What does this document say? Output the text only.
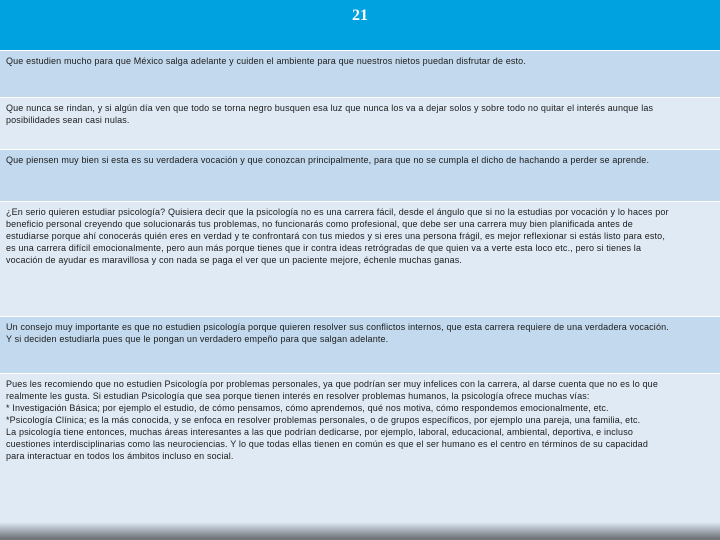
21
Que estudien mucho para que México salga adelante y cuiden el ambiente para que nuestros nietos puedan disfrutar de esto.
Que nunca se rindan, y si algún día ven que todo se torna negro busquen esa luz que nunca los va a dejar solos y sobre todo no quitar el interés aunque las
posibilidades sean casi nulas.
Que piensen muy bien si esta es su verdadera vocación y que conozcan principalmente, para que no se cumpla el dicho de hachando a perder se aprende.
¿En serio quieren estudiar psicología? Quisiera decir que la psicología no es una carrera fácil, desde el ángulo que si no la estudias por vocación y lo haces por
beneficio personal creyendo que solucionarás tus problemas, no funcionarás como profesional, que debe ser una carrera muy bien planificada antes de
estudiarse porque ahí conocerás quién eres en verdad y te confrontará con tus miedos y si eres una persona frágil, es mejor reflexionar si estás listo para esto,
es una carrera difícil emocionalmente, pero aun más porque tienes que ir contra ideas retrógradas de que quien va a verte esta loco etc., pero si tienes la
vocación de ayudar es maravillosa y con nada se paga el ver que un paciente mejore, échenle muchas ganas.
Un consejo muy importante es que no estudien psicología porque quieren resolver sus conflictos internos, que esta carrera requiere de una verdadera vocación.
Y si deciden estudiarla pues que le pongan un verdadero empeño para que salgan adelante.
Pues les recomiendo que no estudien Psicología por problemas personales, ya que podrían ser muy infelices con la carrera, al darse cuenta que no es lo que
realmente les gusta. Si estudian Psicología que sea porque tienen interés en resolver problemas humanos, la psicología ofrece muchas vías:
* Investigación Básica; por ejemplo el estudio, de cómo pensamos, cómo aprendemos, qué nos motiva, cómo respondemos emocionalmente, etc.
*Psicología Clínica; es la más conocida, y se enfoca en resolver problemas personales, o de grupos específicos, por ejemplo una pareja, una familia, etc.
La psicología tiene entonces, muchas áreas interesantes a las que podrían dedicarse, por ejemplo, laboral, educacional, ambiental, deportiva, e incluso
cuestiones interdisciplinarias como las neurociencias. Y lo que todas ellas tienen en común es que el ser humano es el centro en términos de su capacidad
para interactuar en todos los ámbitos incluso en social.
